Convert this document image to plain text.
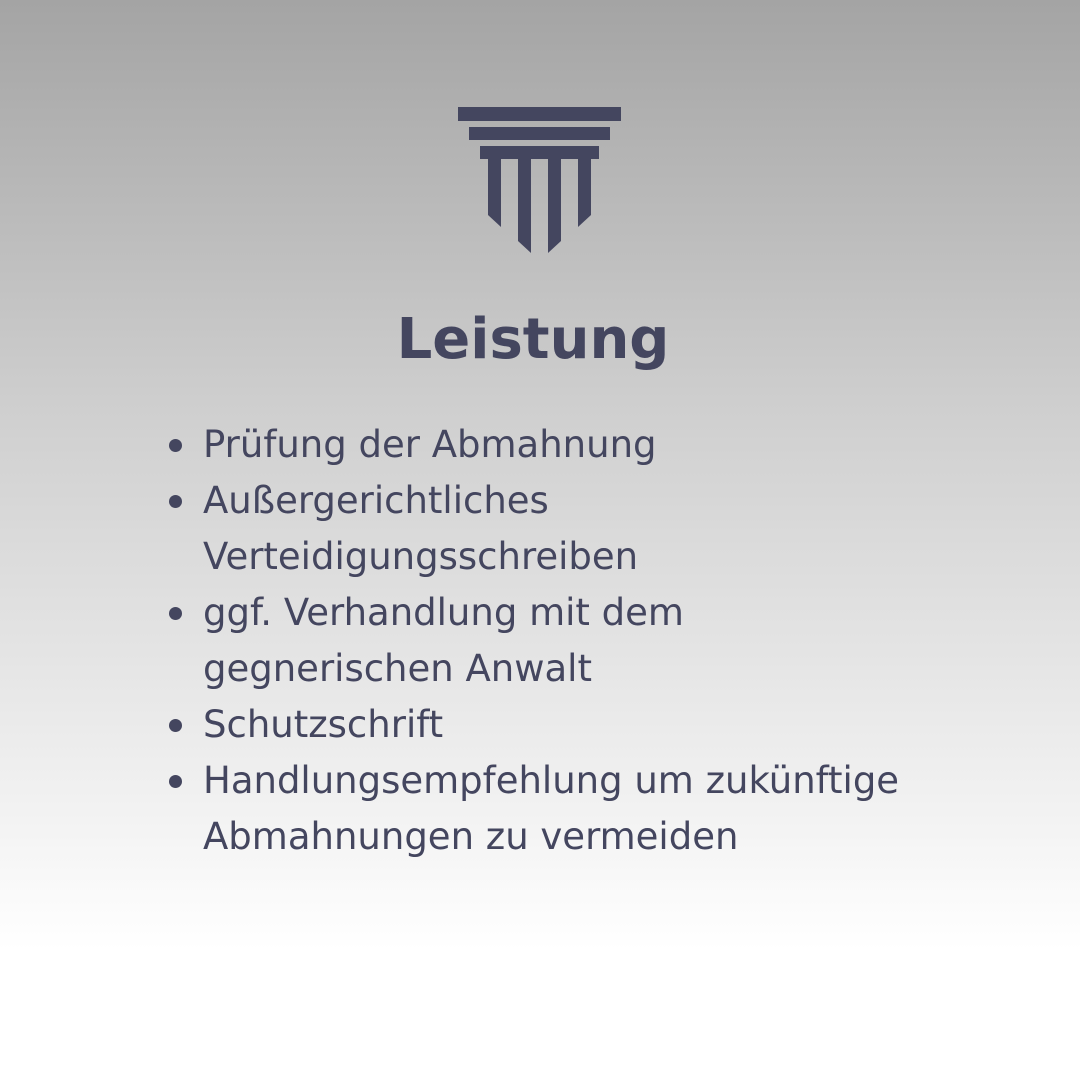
Leistung
Prüfung der Abmahnung
Außergerichtliches Verteidigungsschreiben
ggf. Verhandlung mit dem gegnerischen Anwalt
Schutzschrift
Handlungsempfehlung um zukünftige Abmahnungen zu vermeiden
